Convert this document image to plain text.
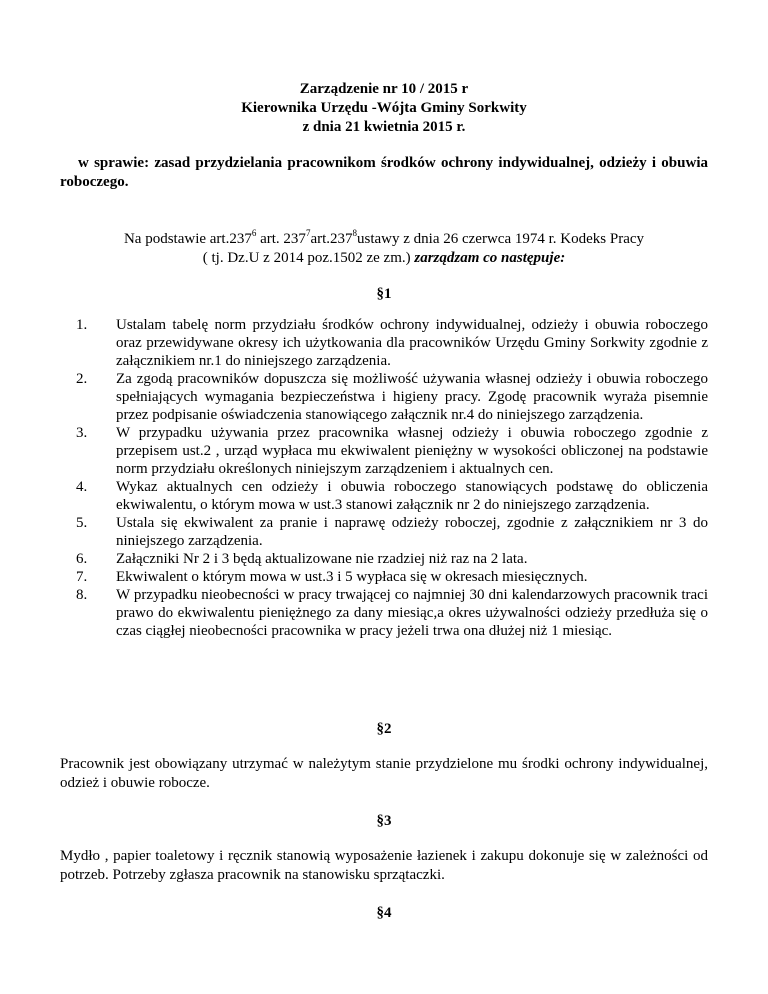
Zarządzenie nr 10 / 2015 r
Kierownika Urzędu -Wójta Gminy Sorkwity
z dnia 21 kwietnia 2015 r.
w sprawie: zasad przydzielania pracownikom środków ochrony indywidualnej, odzieży i obuwia roboczego.
Na podstawie art.237$^6$ art. $237^7art.237^8ustawy$ z dnia 26 czerwca 1974 r. Kodeks Pracy
( tj. Dz.U z 2014 poz.1502 ze zm.) zarządzam co następuje:
§1
1.	Ustalam tabelę norm przydziału środków ochrony indywidualnej, odzieży i obuwia roboczego oraz przewidywane okresy ich użytkowania dla pracowników Urzędu Gminy Sorkwity zgodnie z załącznikiem nr.1 do niniejszego zarządzenia.
2.	Za zgodą pracowników dopuszcza się możliwość używania własnej odzieży i obuwia roboczego spełniających wymagania bezpieczeństwa i higieny pracy. Zgodę pracownik wyraża pisemnie przez podpisanie oświadczenia stanowiącego załącznik nr.4 do niniejszego zarządzenia.
3.	W przypadku używania przez pracownika własnej odzieży i obuwia roboczego zgodnie z przepisem ust.2 , urząd wypłaca mu ekwiwalent pieniężny w wysokości obliczonej na podstawie norm przydziału określonych niniejszym zarządzeniem i aktualnych cen.
4.	Wykaz aktualnych cen odzieży i obuwia roboczego stanowiących podstawę do obliczenia ekwiwalentu, o którym mowa w ust.3 stanowi załącznik nr 2 do niniejszego zarządzenia.
5.	Ustala się ekwiwalent za pranie i naprawę odzieży roboczej, zgodnie z załącznikiem nr 3 do niniejszego zarządzenia.
6.	Załączniki Nr 2 i 3 będą aktualizowane nie rzadziej niż raz na 2 lata.
7.	Ekwiwalent o którym mowa w ust.3 i 5 wypłaca się w okresach miesięcznych.
8.	W przypadku nieobecności w pracy trwającej co najmniej 30 dni kalendarzowych pracownik traci prawo do ekwiwalentu pieniężnego za dany miesiąc,a okres używalności odzieży przedłuża się o czas ciągłej nieobecności pracownika w pracy jeżeli trwa ona dłużej niż 1 miesiąc.
§2
Pracownik jest obowiązany utrzymać w należytym stanie przydzielone mu środki ochrony indywidualnej, odzież i obuwie robocze.
§3
Mydło , papier toaletowy i ręcznik stanowią wyposażenie łazienek i zakupu dokonuje się w zależności od potrzeb. Potrzeby zgłasza pracownik na stanowisku sprzątaczki.
§4
